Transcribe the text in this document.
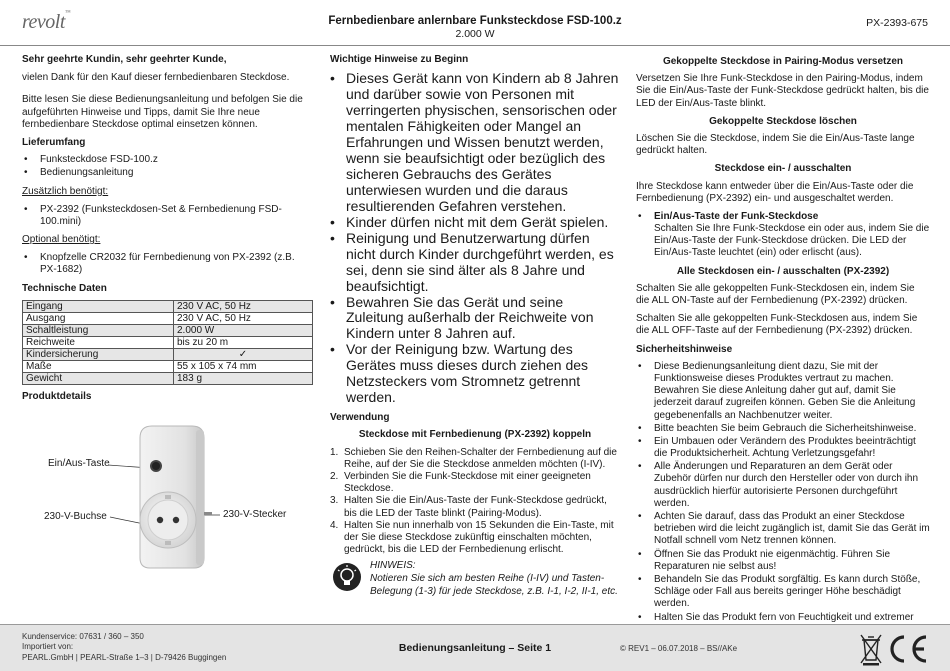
revolt™
Fernbedienbare anlernbare Funksteckdose FSD-100.z
2.000 W
PX-2393-675

Sehr geehrte Kundin, sehr geehrter Kunde,

vielen Dank für den Kauf dieser fernbedienbaren Steckdose.

Bitte lesen Sie diese Bedienungsanleitung und befolgen Sie die aufgeführten Hinweise und Tipps, damit Sie Ihre neue fernbedienbare Steckdose optimal einsetzen können.

Lieferumfang
• Funksteckdose FSD-100.z
• Bedienungsanleitung

Zusätzlich benötigt:

• PX-2392 (Funksteckdosen-Set & Fernbedienung FSD-100.mini)

Optional benötigt:

• Knopfzelle CR2032 für Fernbedienung von PX-2392 (z.B. PX-1682)
Technische Daten
Eingang	230 V AC, 50 Hz
Ausgang	230 V AC, 50 Hz
Schaltleistung	2.000 W
Reichweite	bis zu 20 m
Kindersicherung	✓
Maße	55 x 105 x 74 mm
Gewicht	183 g
Produktdetails
Ein/Aus-Taste
230-V-Buchse	230-V-Stecker
Wichtige Hinweise zu Beginn
• Dieses Gerät kann von Kindern ab 8 Jahren und darüber sowie von Personen mit verringerten physischen, sensorischen oder mentalen Fähigkeiten oder Mangel an Erfahrungen und Wissen benutzt werden, wenn sie beaufsichtigt oder bezüglich des sicheren Gebrauchs des Gerätes unterwiesen wurden und die daraus resultierenden Gefahren verstehen.
• Kinder dürfen nicht mit dem Gerät spielen.
• Reinigung und Benutzerwartung dürfen nicht durch Kinder durchgeführt werden, es sei, denn sie sind älter als 8 Jahre und beaufsichtigt.
• Bewahren Sie das Gerät und seine Zuleitung außerhalb der Reichweite von Kindern unter 8 Jahren auf.
• Vor der Reinigung bzw. Wartung des Gerätes muss dieses durch ziehen des Netzsteckers vom Stromnetz getrennt werden.
Verwendung
Steckdose mit Fernbedienung (PX-2392) koppeln
1. Schieben Sie den Reihen-Schalter der Fernbedienung auf die Reihe, auf der Sie die Steckdose anmelden möchten (I-IV).
2. Verbinden Sie die Funk-Steckdose mit einer geeigneten Steckdose.
3. Halten Sie die Ein/Aus-Taste der Funk-Steckdose gedrückt, bis die LED der Taste blinkt (Pairing-Modus).
4. Halten Sie nun innerhalb von 15 Sekunden die Ein-Taste, mit der Sie diese Steckdose zukünftig einschalten möchten, gedrückt, bis die LED der Fernbedienung erlischt.
HINWEIS:
Notieren Sie sich am besten Reihe (I-IV) und Tasten-Belegung (1-3) für jede Steckdose, z.B. I-1, I-2, II-1, etc.
Gekoppelte Steckdose in Pairing-Modus versetzen

Versetzen Sie Ihre Funk-Steckdose in den Pairing-Modus, indem Sie die Ein/Aus-Taste der Funk-Steckdose gedrückt halten, bis die LED der Ein/Aus-Taste blinkt.

Gekoppelte Steckdose löschen

Löschen Sie die Steckdose, indem Sie die Ein/Aus-Taste lange gedrückt halten.

Steckdose ein- / ausschalten

Ihre Steckdose kann entweder über die Ein/Aus-Taste oder die Fernbedienung (PX-2392) ein- und ausgeschaltet werden.

• Ein/Aus-Taste der Funk-Steckdose
Schalten Sie Ihre Funk-Steckdose ein oder aus, indem Sie die Ein/Aus-Taste der Funk-Steckdose drücken. Die LED der Ein/Aus-Taste leuchtet (ein) oder erlischt (aus).
Alle Steckdosen ein- / ausschalten (PX-2392)

Schalten Sie alle gekoppelten Funk-Steckdosen ein, indem Sie die ALL ON-Taste auf der Fernbedienung (PX-2392) drücken.

Schalten Sie alle gekoppelten Funk-Steckdosen aus, indem Sie die ALL OFF-Taste auf der Fernbedienung (PX-2392) drücken.

Sicherheitshinweise
• Diese Bedienungsanleitung dient dazu, Sie mit der Funktionsweise dieses Produktes vertraut zu machen. Bewahren Sie diese Anleitung daher gut auf, damit Sie jederzeit darauf zugreifen können. Geben Sie die Anleitung gegebenenfalls an Nachbenutzer weiter.
• Bitte beachten Sie beim Gebrauch die Sicherheitshinweise.
• Ein Umbauen oder Verändern des Produktes beeinträchtigt die Produktsicherheit. Achtung Verletzungsgefahr!
• Alle Änderungen und Reparaturen an dem Gerät oder Zubehör dürfen nur durch den Hersteller oder von durch ihn ausdrücklich hierfür autorisierte Personen durchgeführt werden.
• Achten Sie darauf, dass das Produkt an einer Steckdose betrieben wird die leicht zugänglich ist, damit Sie das Gerät im Notfall schnell vom Netz trennen können.
• Öffnen Sie das Produkt nie eigenmächtig. Führen Sie Reparaturen nie selbst aus!
• Behandeln Sie das Produkt sorgfältig. Es kann durch Stöße, Schläge oder Fall aus bereits geringer Höhe beschädigt werden.
• Halten Sie das Produkt fern von Feuchtigkeit und extremer
Kundenservice: 07631 / 360 – 350
Importiert von:
PEARL.GmbH | PEARL-Straße 1–3 | D-79426 Buggingen
Bedienungsanleitung – Seite 1	© REV1 – 06.07.2018 – BS//AKe
